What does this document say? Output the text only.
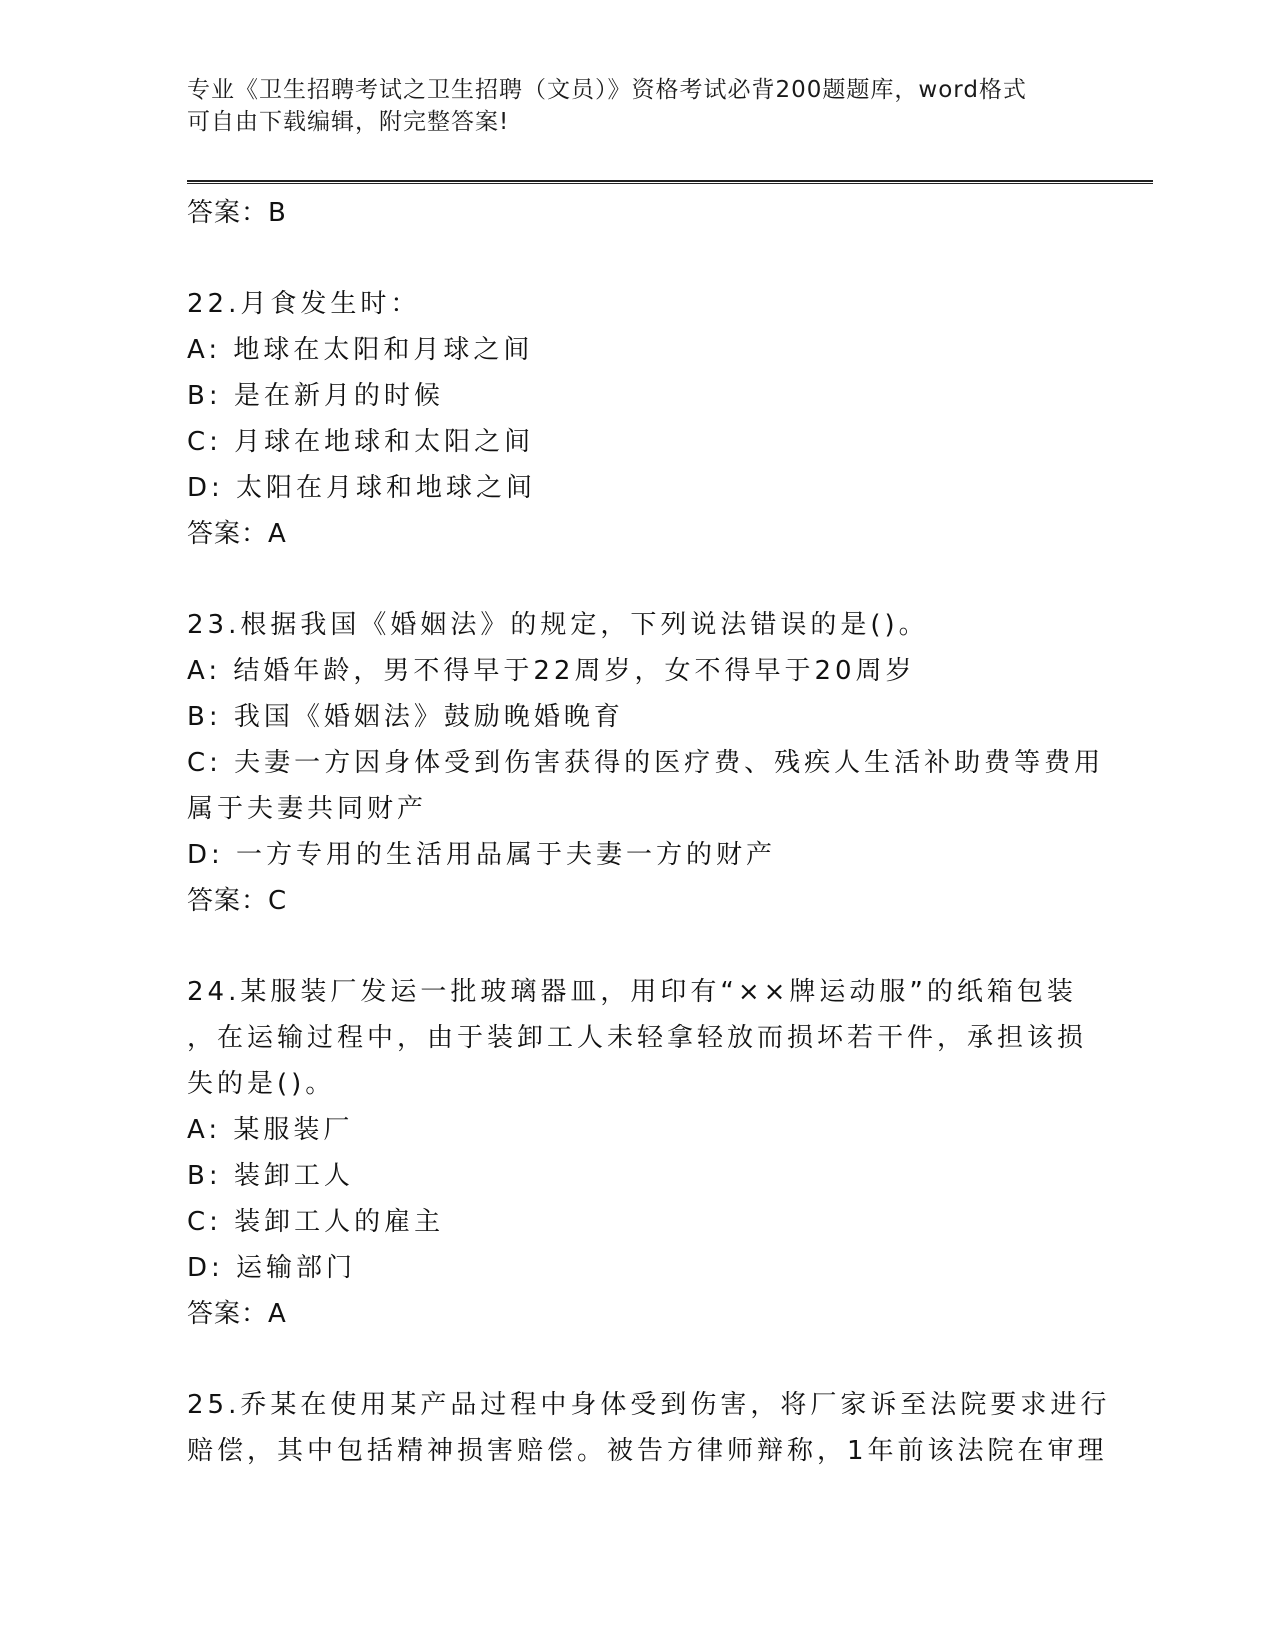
专业《卫生招聘考试之卫生招聘（文员）》资格考试必背200题题库，word格式
可自由下载编辑，附完整答案!

答案：B

22.月食发生时：

A: 地球在太阳和月球之间

B: 是在新月的时候

C: 月球在地球和太阳之间

D: 太阳在月球和地球之间

答案：A

23.根据我国《婚姻法》的规定，下列说法错误的是()。

A: 结婚年龄，男不得早于22周岁，女不得早于20周岁

B: 我国《婚姻法》鼓励晚婚晚育

C: 夫妻一方因身体受到伤害获得的医疗费、残疾人生活补助费等费用

属于夫妻共同财产

D: 一方专用的生活用品属于夫妻一方的财产

答案：C

24.某服装厂发运一批玻璃器皿，用印有“××牌运动服”的纸箱包装

，在运输过程中，由于装卸工人未轻拿轻放而损坏若干件，承担该损

失的是()。

A: 某服装厂

B: 装卸工人

C: 装卸工人的雇主

D: 运输部门

答案：A

25.乔某在使用某产品过程中身体受到伤害，将厂家诉至法院要求进行

赔偿，其中包括精神损害赔偿。被告方律师辩称，1年前该法院在审理
